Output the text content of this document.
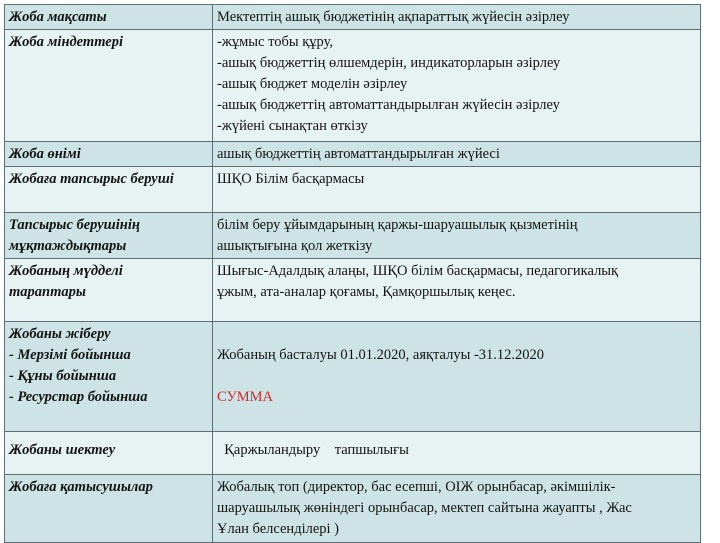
Жоба мақсаты	Мектептің ашық бюджетінің ақпараттық жүйесін әзірлеу

Жоба міндеттері	-жұмыс тобы құру,
-ашық бюджеттің өлшемдерін, индикаторларын әзірлеу
-ашық бюджет моделін әзірлеу
-ашық бюджеттің автоматтандырылған жүйесін әзірлеу
-жүйені сынақтан өткізу

Жоба өнімі	ашық бюджеттің автоматтандырылған жүйесі

Жобаға тапсырыс беруші	ШҚО Білім басқармасы

Тапсырыс берушінің
мұқтаждықтары	білім беру ұйымдарының қаржы-шаруашылық қызметінің
ашықтығына қол жеткізу

Жобаның мүдделі
тараптары	Шығыс-Адалдық алаңы, ШҚО білім басқармасы, педагогикалық
ұжым, ата-аналар қоғамы, Қамқоршылық кеңес.

Жобаны жіберу
- Мерзімі бойынша
- Құны бойынша
- Ресурстар бойынша	Жобаның басталуы 01.01.2020, аяқталуы -31.12.2020
СУММА

Жобаны шектеу	Қаржыландыру    тапшылығы

Жобаға қатысушылар	Жобалық топ (директор, бас есепші, ОІЖ орынбасар, әкімшілік-
шаруашылық жөніндегі орынбасар, мектеп сайтына жауапты , Жас
Ұлан белсенділері )
